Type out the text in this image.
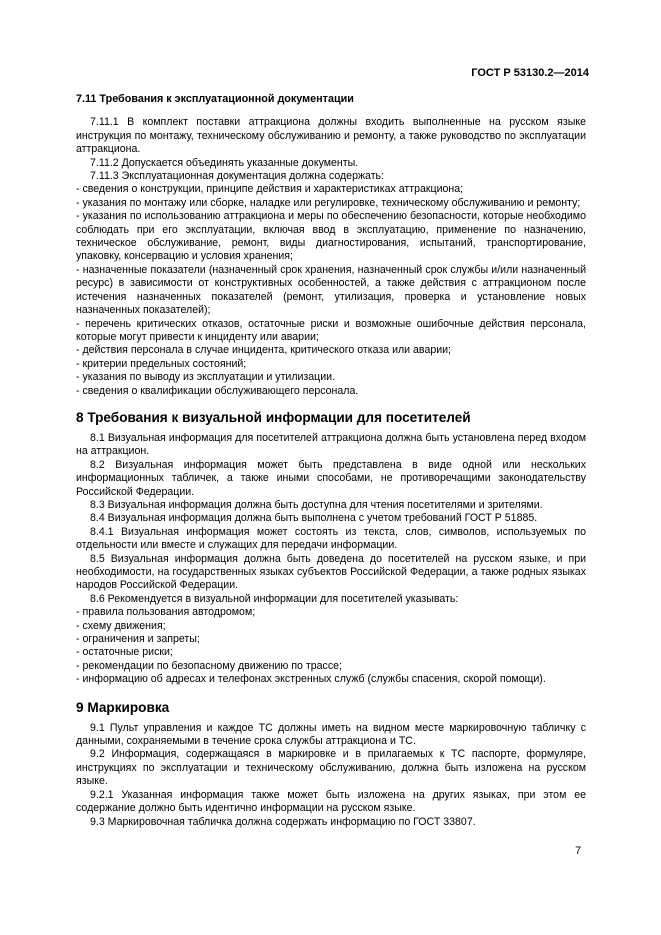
ГОСТ Р 53130.2—2014
7.11 Требования к эксплуатационной документации

7.11.1 В комплект поставки аттракциона должны входить выполненные на русском языке инструкция по монтажу, техническому обслуживанию и ремонту, а также руководство по эксплуатации аттракциона.

7.11.2 Допускается объединять указанные документы.

7.11.3 Эксплуатационная документация должна содержать:

- сведения о конструкции, принципе действия и характеристиках аттракциона;

- указания по монтажу или сборке, наладке или регулировке, техническому обслуживанию и ремонту;

- указания по использованию аттракциона и меры по обеспечению безопасности, которые необходимо соблюдать при его эксплуатации, включая ввод в эксплуатацию, применение по назначению, техническое обслуживание, ремонт, виды диагностирования, испытаний, транспортирование, упаковку, консервацию и условия хранения;

- назначенные показатели (назначенный срок хранения, назначенный срок службы и/или назначенный ресурс) в зависимости от конструктивных особенностей, а также действия с аттракционом после истечения назначенных показателей (ремонт, утилизация, проверка и установление новых назначенных показателей);

- перечень критических отказов, остаточные риски и возможные ошибочные действия персонала, которые могут привести к инциденту или аварии;

- действия персонала в случае инцидента, критического отказа или аварии;

- критерии предельных состояний;

- указания по выводу из эксплуатации и утилизации.

- сведения о квалификации обслуживающего персонала.

8 Требования к визуальной информации для посетителей

8.1 Визуальная информация для посетителей аттракциона должна быть установлена перед входом на аттракцион.

8.2 Визуальная информация может быть представлена в виде одной или нескольких информационных табличек, а также иными способами, не противоречащими законодательству Российской Федерации.

8.3 Визуальная информация должна быть доступна для чтения посетителями и зрителями.

8.4 Визуальная информация должна быть выполнена с учетом требований ГОСТ Р 51885.

8.4.1 Визуальная информация может состоять из текста, слов, символов, используемых по отдельности или вместе и служащих для передачи информации.

8.5 Визуальная информация должна быть доведена до посетителей на русском языке, и при необходимости, на государственных языках субъектов Российской Федерации, а также родных языках народов Российской Федерации.

8.6 Рекомендуется в визуальной информации для посетителей указывать:

- правила пользования автодромом;

- схему движения;

- ограничения и запреты;

- остаточные риски;

- рекомендации по безопасному движению по трассе;

- информацию об адресах и телефонах экстренных служб (службы спасения, скорой помощи).

9 Маркировка

9.1 Пульт управления и каждое ТС должны иметь на видном месте маркировочную табличку с данными, сохраняемыми в течение срока службы аттракциона и ТС.

9.2 Информация, содержащаяся в маркировке и в прилагаемых к ТС паспорте, формуляре, инструкциях по эксплуатации и техническому обслуживанию, должна быть изложена на русском языке.

9.2.1 Указанная информация также может быть изложена на других языках, при этом ее содержание должно быть идентично информации на русском языке.

9.3 Маркировочная табличка должна содержать информацию по ГОСТ 33807.

7
